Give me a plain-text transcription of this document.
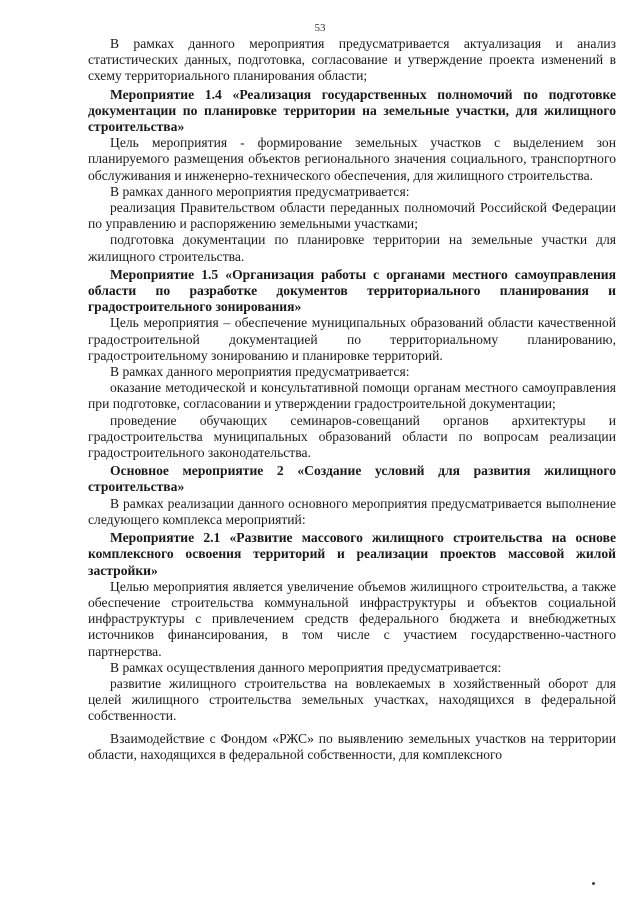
53

В рамках данного мероприятия предусматривается актуализация и анализ статистических данных, подготовка, согласование и утверждение проекта изменений в схему территориального планирования области;

Мероприятие 1.4 «Реализация государственных полномочий по подготовке документации по планировке территории на земельные участки, для жилищного строительства»

Цель мероприятия - формирование земельных участков с выделением зон планируемого размещения объектов регионального значения социального, транспортного обслуживания и инженерно-технического обеспечения, для жилищного строительства.

В рамках данного мероприятия предусматривается:

реализация Правительством области переданных полномочий Российской Федерации по управлению и распоряжению земельными участками;

подготовка документации по планировке территории на земельные участки для жилищного строительства.

Мероприятие 1.5 «Организация работы с органами местного самоуправления области по разработке документов территориального планирования и градостроительного зонирования»

Цель мероприятия – обеспечение муниципальных образований области качественной градостроительной документацией по территориальному планированию, градостроительному зонированию и планировке территорий.

В рамках данного мероприятия предусматривается:

оказание методической и консультативной помощи органам местного самоуправления при подготовке, согласовании и утверждении градостроительной документации;

проведение обучающих семинаров-совещаний органов архитектуры и градостроительства муниципальных образований области по вопросам реализации градостроительного законодательства.

Основное мероприятие 2 «Создание условий для развития жилищного строительства»

В рамках реализации данного основного мероприятия предусматривается выполнение следующего комплекса мероприятий:

Мероприятие 2.1 «Развитие массового жилищного строительства на основе комплексного освоения территорий и реализации проектов массовой жилой застройки»

Целью мероприятия является увеличение объемов жилищного строительства, а также обеспечение строительства коммунальной инфраструктуры и объектов социальной инфраструктуры с привлечением средств федерального бюджета и внебюджетных источников финансирования, в том числе с участием государственно-частного партнерства.

В рамках осуществления данного мероприятия предусматривается:

развитие жилищного строительства на вовлекаемых в хозяйственный оборот для целей жилищного строительства земельных участках, находящихся в федеральной собственности.

Взаимодействие с Фондом «РЖС» по выявлению земельных участков на территории области, находящихся в федеральной собственности, для комплексного
